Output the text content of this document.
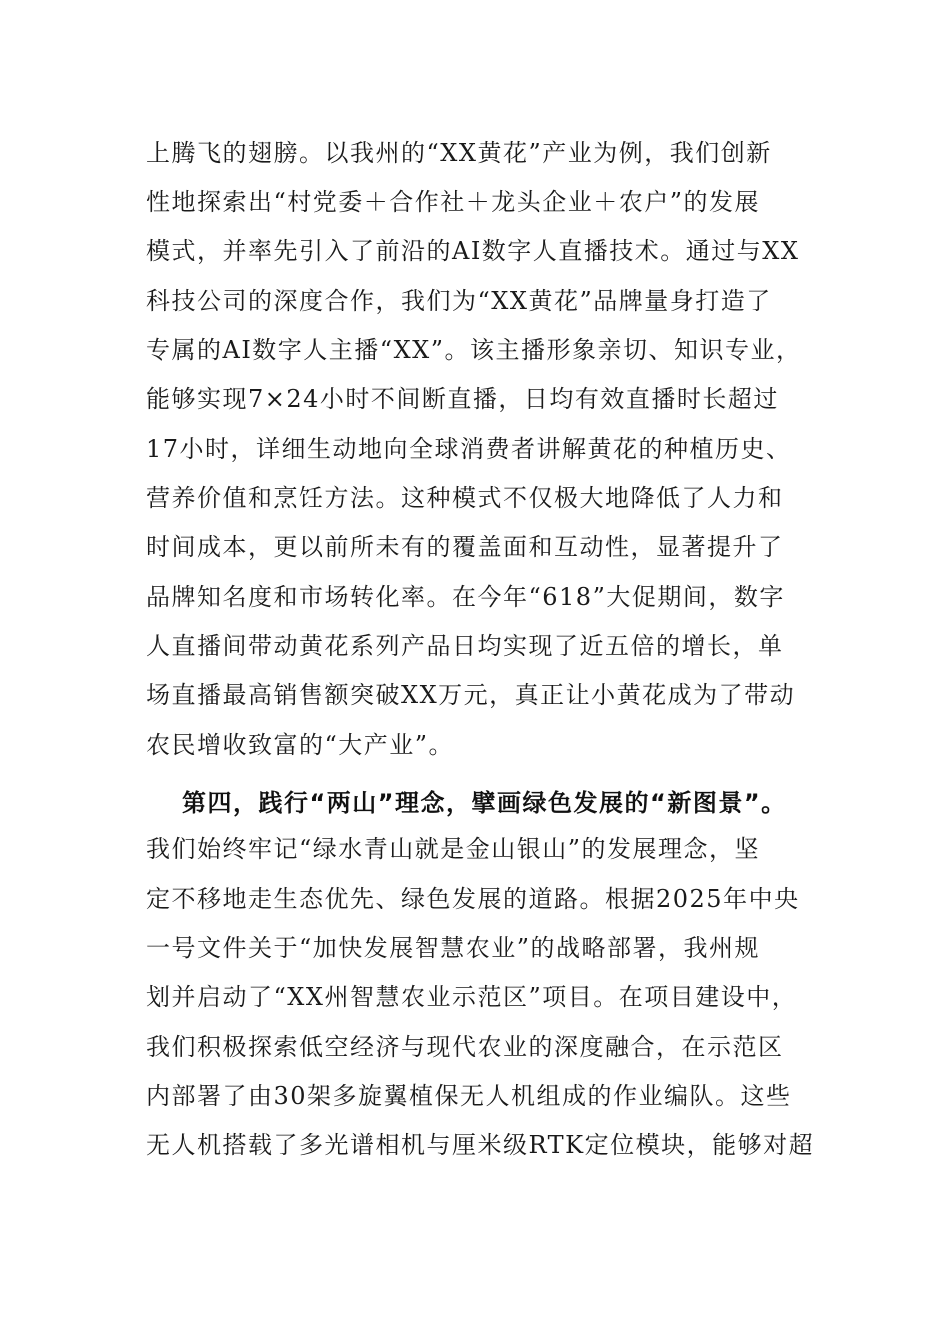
上腾飞的翅膀。以我州的“XX黄花”产业为例，我们创新
性地探索出“村党委＋合作社＋龙头企业＋农户”的发展
模式，并率先引入了前沿的AI数字人直播技术。通过与XX
科技公司的深度合作，我们为“XX黄花”品牌量身打造了
专属的AI数字人主播“XX”。该主播形象亲切、知识专业，
能够实现7×24小时不间断直播，日均有效直播时长超过
17小时，详细生动地向全球消费者讲解黄花的种植历史、
营养价值和烹饪方法。这种模式不仅极大地降低了人力和
时间成本，更以前所未有的覆盖面和互动性，显著提升了
品牌知名度和市场转化率。在今年“618”大促期间，数字
人直播间带动黄花系列产品日均实现了近五倍的增长，单
场直播最高销售额突破XX万元，真正让小黄花成为了带动
农民增收致富的“大产业”。
第四，践行“两山”理念，擘画绿色发展的“新图景”。
我们始终牢记“绿水青山就是金山银山”的发展理念，坚
定不移地走生态优先、绿色发展的道路。根据2025年中央
一号文件关于“加快发展智慧农业”的战略部署，我州规
划并启动了“XX州智慧农业示范区”项目。在项目建设中，
我们积极探索低空经济与现代农业的深度融合，在示范区
内部署了由30架多旋翼植保无人机组成的作业编队。这些
无人机搭载了多光谱相机与厘米级RTK定位模块，能够对超
